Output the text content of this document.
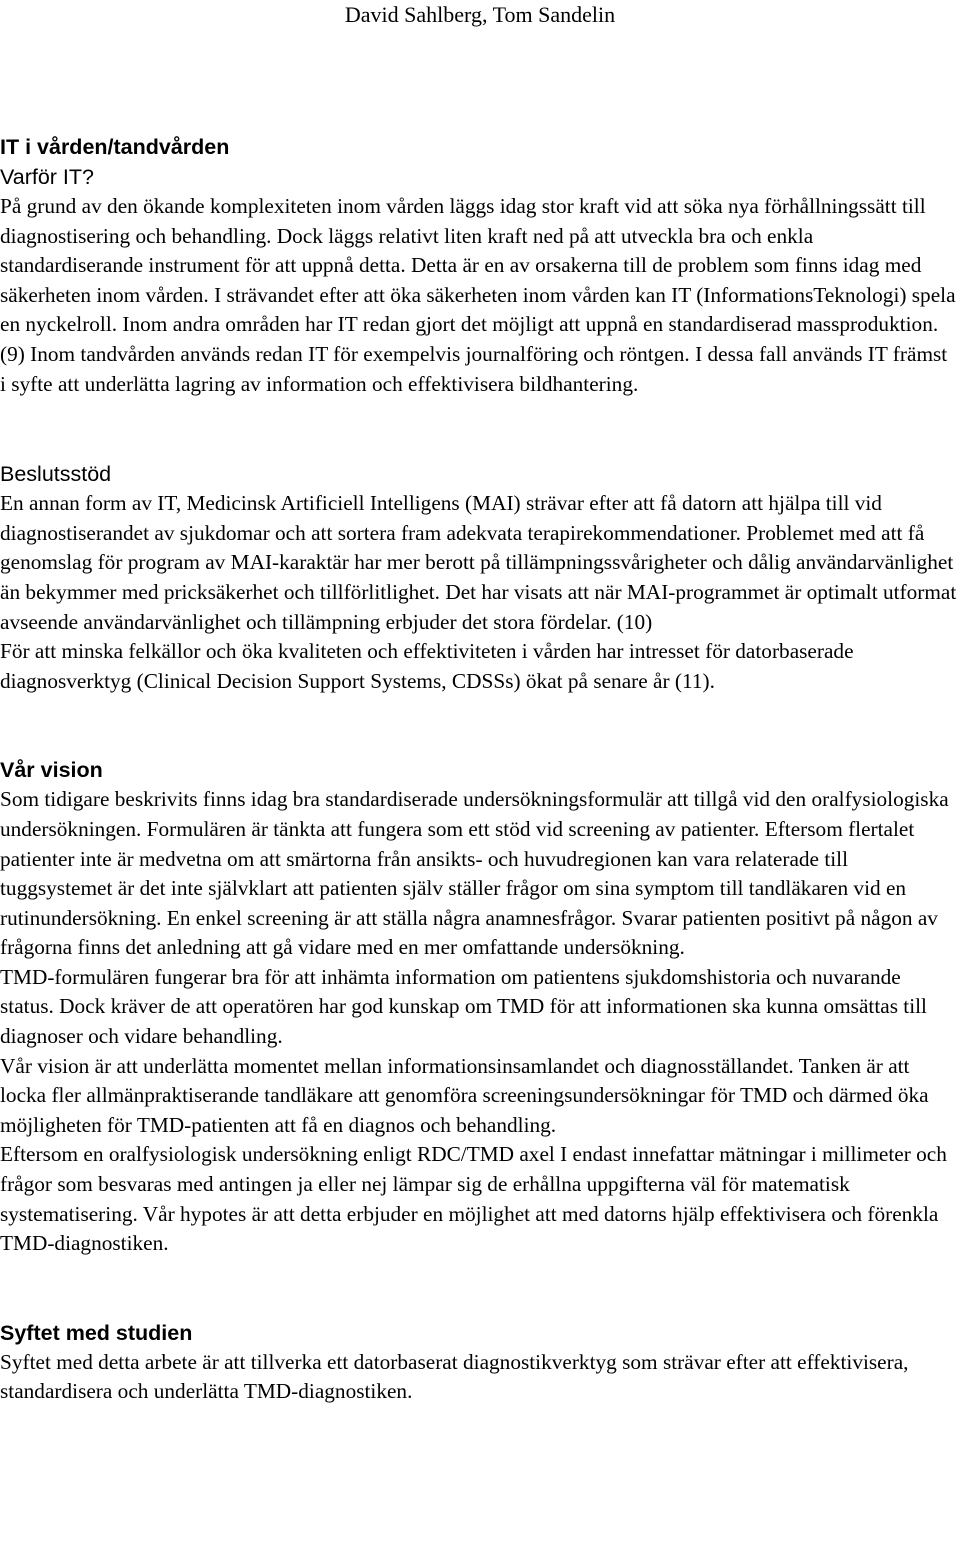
David Sahlberg, Tom Sandelin
IT i vården/tandvården
Varför IT?

På grund av den ökande komplexiteten inom vården läggs idag stor kraft vid att söka nya förhållningssätt till diagnostisering och behandling. Dock läggs relativt liten kraft ned på att utveckla bra och enkla standardiserande instrument för att uppnå detta. Detta är en av orsakerna till de problem som finns idag med säkerheten inom vården. I strävandet efter att öka säkerheten inom vården kan IT (InformationsTeknologi) spela en nyckelroll. Inom andra områden har IT redan gjort det möjligt att uppnå en standardiserad massproduktion. (9) Inom tandvården används redan IT för exempelvis journalföring och röntgen. I dessa fall används IT främst i syfte att underlätta lagring av information och effektivisera bildhantering.

Beslutsstöd

En annan form av IT, Medicinsk Artificiell Intelligens (MAI) strävar efter att få datorn att hjälpa till vid diagnostiserandet av sjukdomar och att sortera fram adekvata terapirekommendationer. Problemet med att få genomslag för program av MAI-karaktär har mer berott på tillämpningssvårigheter och dålig användarvänlighet än bekymmer med pricksäkerhet och tillförlitlighet. Det har visats att när MAI-programmet är optimalt utformat avseende användarvänlighet och tillämpning erbjuder det stora fördelar. (10)

För att minska felkällor och öka kvaliteten och effektiviteten i vården har intresset för datorbaserade diagnosverktyg (Clinical Decision Support Systems, CDSSs) ökat på senare år (11).

Vår vision

Som tidigare beskrivits finns idag bra standardiserade undersökningsformulär att tillgå vid den oralfysiologiska undersökningen. Formulären är tänkta att fungera som ett stöd vid screening av patienter. Eftersom flertalet patienter inte är medvetna om att smärtorna från ansikts- och huvudregionen kan vara relaterade till tuggsystemet är det inte självklart att patienten själv ställer frågor om sina symptom till tandläkaren vid en rutinundersökning. En enkel screening är att ställa några anamnesfrågor. Svarar patienten positivt på någon av frågorna finns det anledning att gå vidare med en mer omfattande undersökning.

TMD-formulären fungerar bra för att inhämta information om patientens sjukdomshistoria och nuvarande status. Dock kräver de att operatören har god kunskap om TMD för att informationen ska kunna omsättas till diagnoser och vidare behandling.

Vår vision är att underlätta momentet mellan informationsinsamlandet och diagnosställandet. Tanken är att locka fler allmänpraktiserande tandläkare att genomföra screeningsundersökningar för TMD och därmed öka möjligheten för TMD-patienten att få en diagnos och behandling.

Eftersom en oralfysiologisk undersökning enligt RDC/TMD axel I endast innefattar mätningar i millimeter och frågor som besvaras med antingen ja eller nej lämpar sig de erhållna uppgifterna väl för matematisk systematisering. Vår hypotes är att detta erbjuder en möjlighet att med datorns hjälp effektivisera och förenkla TMD-diagnostiken.

Syftet med studien

Syftet med detta arbete är att tillverka ett datorbaserat diagnostikverktyg som strävar efter att effektivisera, standardisera och underlätta TMD-diagnostiken.
